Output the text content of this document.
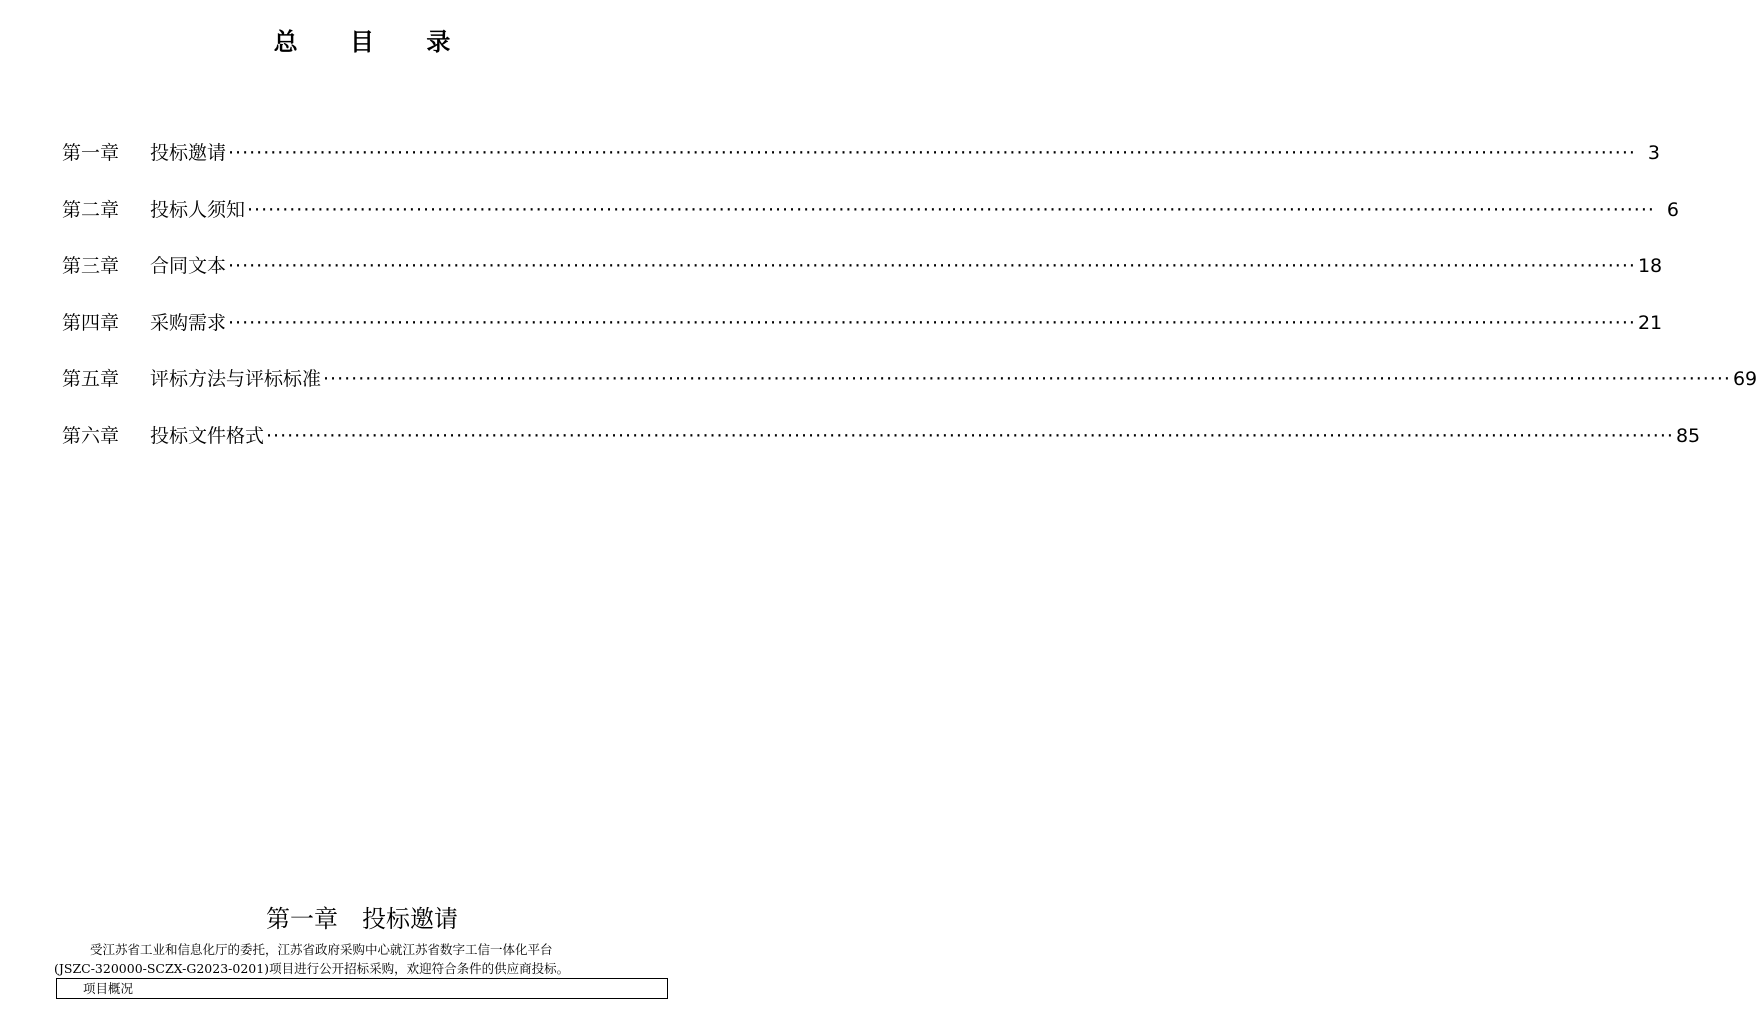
总 目 录
第一章	投标邀请 ········································································································································································································ 3
第二章	投标人须知 ········································································································································································································ 6
第三章	合同文本 ········································································································································································································ 18
第四章	采购需求 ········································································································································································································ 21
第五章	评标方法与评标标准 ········································································································································································································ 69
第六章	投标文件格式 ········································································································································································································ 85
第一章　投标邀请

受江苏省工业和信息化厅的委托，江苏省政府采购中心就江苏省数字工信一体化平台

(JSZC-320000-SCZX-G2023-0201)项目进行公开招标采购，欢迎符合条件的供应商投标。

项目概况
